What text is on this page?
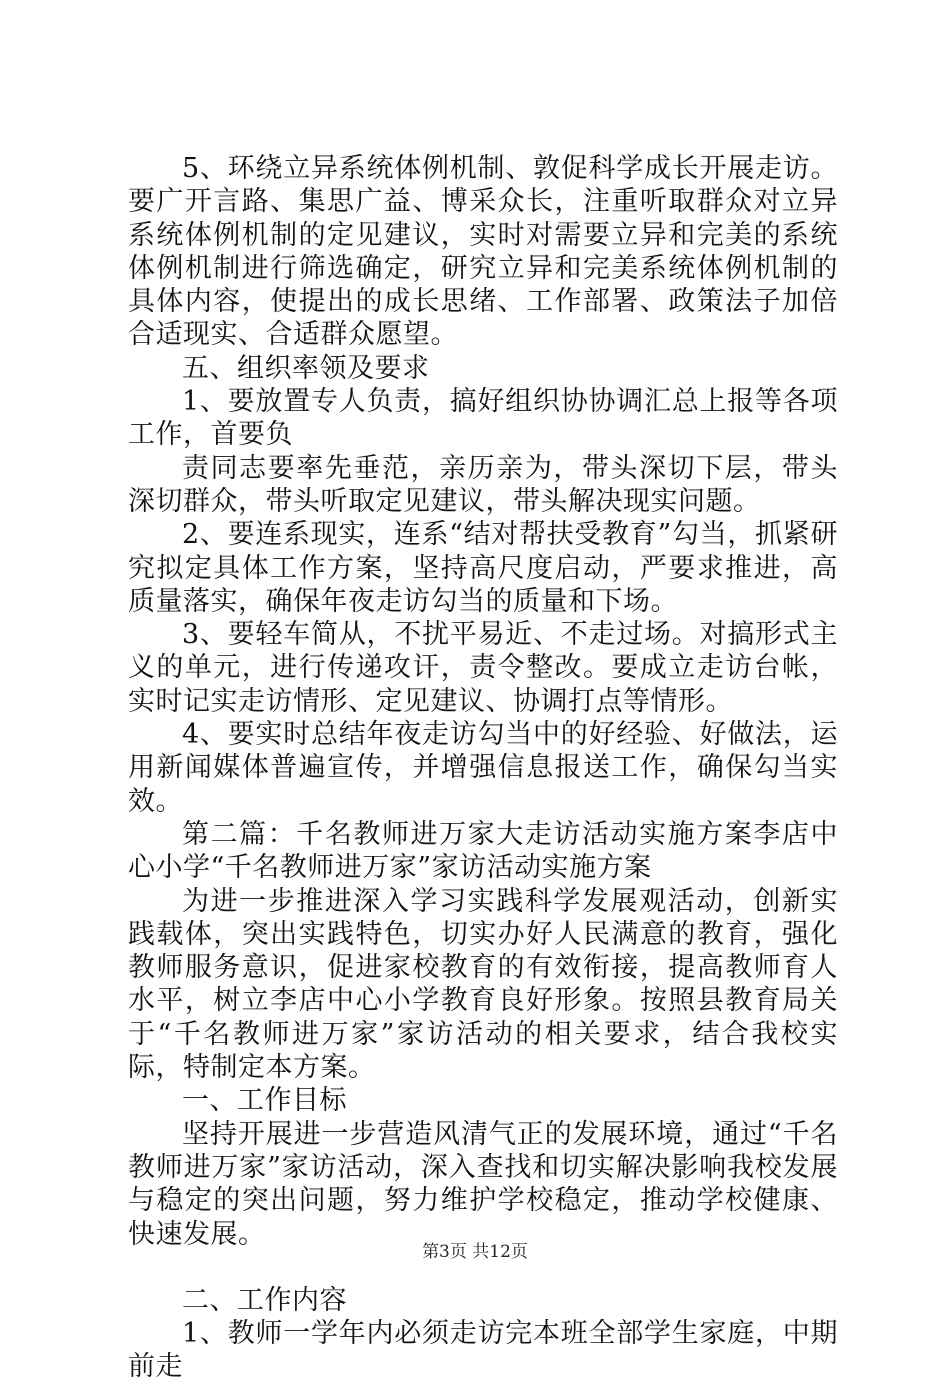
5、环绕立异系统体例机制、敦促科学成长开展走访。要广开言路、集思广益、博采众长，注重听取群众对立异系统体例机制的定见建议，实时对需要立异和完美的系统体例机制进行筛选确定，研究立异和完美系统体例机制的具体内容，使提出的成长思绪、工作部署、政策法子加倍合适现实、合适群众愿望。

五、组织率领及要求

1、要放置专人负责，搞好组织协协调汇总上报等各项工作，首要负

责同志要率先垂范，亲历亲为，带头深切下层，带头深切群众，带头听取定见建议，带头解决现实问题。

2、要连系现实，连系“结对帮扶受教育”勾当，抓紧研究拟定具体工作方案，坚持高尺度启动，严要求推进，高质量落实，确保年夜走访勾当的质量和下场。

3、要轻车简从，不扰平易近、不走过场。对搞形式主义的单元，进行传递攻讦，责令整改。要成立走访台帐，实时记实走访情形、定见建议、协调打点等情形。

4、要实时总结年夜走访勾当中的好经验、好做法，运用新闻媒体普遍宣传，并增强信息报送工作，确保勾当实效。

第二篇：千名教师进万家大走访活动实施方案李店中心小学“千名教师进万家”家访活动实施方案

为进一步推进深入学习实践科学发展观活动，创新实践载体，突出实践特色，切实办好人民满意的教育，强化教师服务意识，促进家校教育的有效衔接，提高教师育人水平，树立李店中心小学教育良好形象。按照县教育局关于“千名教师进万家”家访活动的相关要求，结合我校实际，特制定本方案。

一、工作目标

坚持开展进一步营造风清气正的发展环境，通过“千名教师进万家”家访活动，深入查找和切实解决影响我校发展与稳定的突出问题，努力维护学校稳定，推动学校健康、快速发展。

二、工作内容

1、教师一学年内必须走访完本班全部学生家庭，中期前走

第3页 共12页
